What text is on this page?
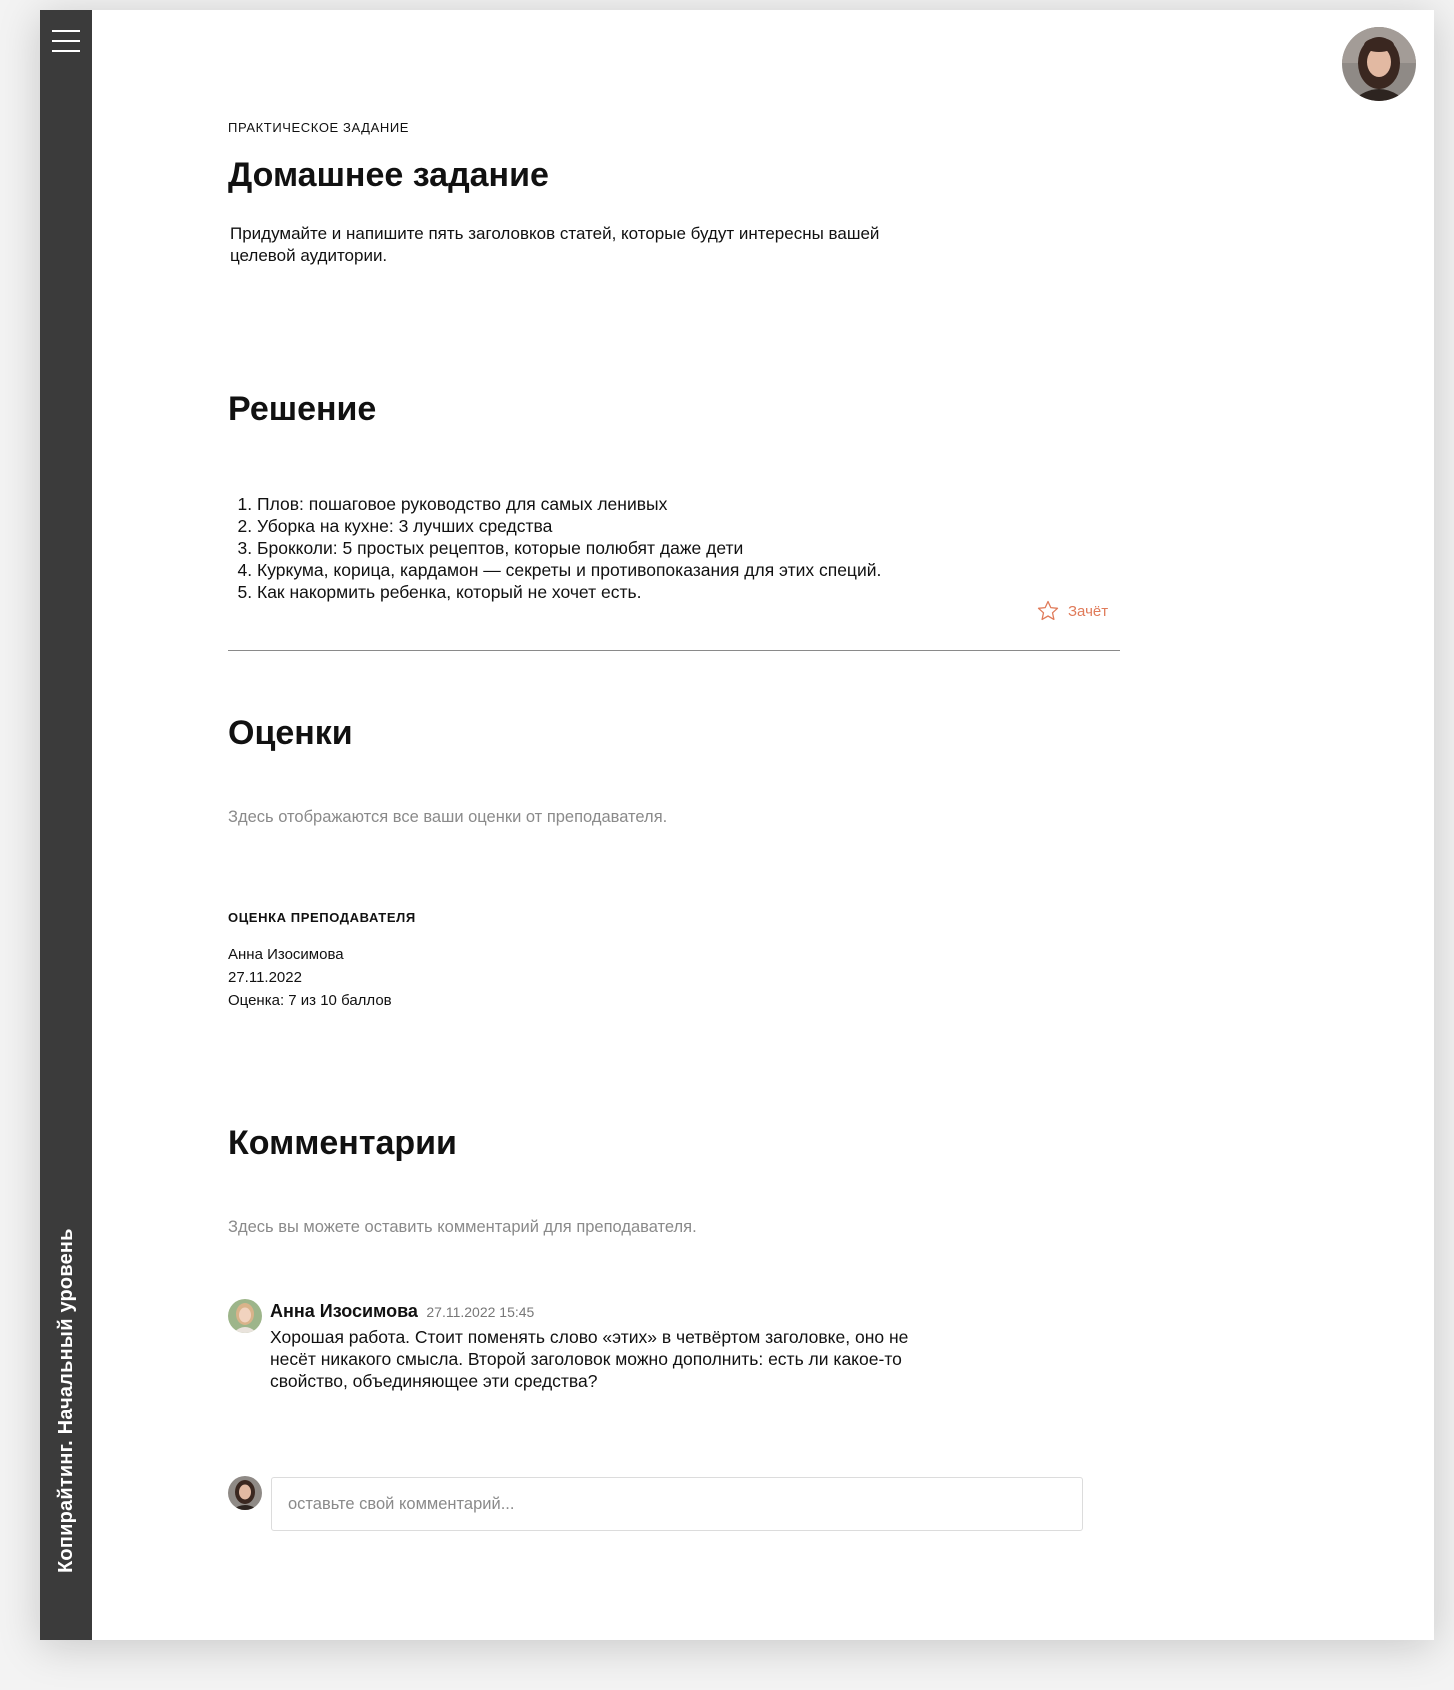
Копирайтинг. Начальный уровень
ПРАКТИЧЕСКОЕ ЗАДАНИЕ
Домашнее задание
Придумайте и напишите пять заголовков статей, которые будут интересны вашей целевой аудитории.
Решение
1. Плов: пошаговое руководство для самых ленивых
2. Уборка на кухне: 3 лучших средства
3. Брокколи: 5 простых рецептов, которые полюбят даже дети
4. Куркума, корица, кардамон — секреты и противопоказания для этих специй.
5. Как накормить ребенка, который не хочет есть.
Зачёт
Оценки
Здесь отображаются все ваши оценки от преподавателя.
ОЦЕНКА ПРЕПОДАВАТЕЛЯ
Анна Изосимова
27.11.2022
Оценка: 7 из 10 баллов
Комментарии
Здесь вы можете оставить комментарий для преподавателя.
Анна Изосимова 27.11.2022 15:45
Хорошая работа. Стоит поменять слово «этих» в четвёртом заголовке, оно не несёт никакого смысла. Второй заголовок можно дополнить: есть ли какое-то свойство, объединяющее эти средства?
оставьте свой комментарий...
